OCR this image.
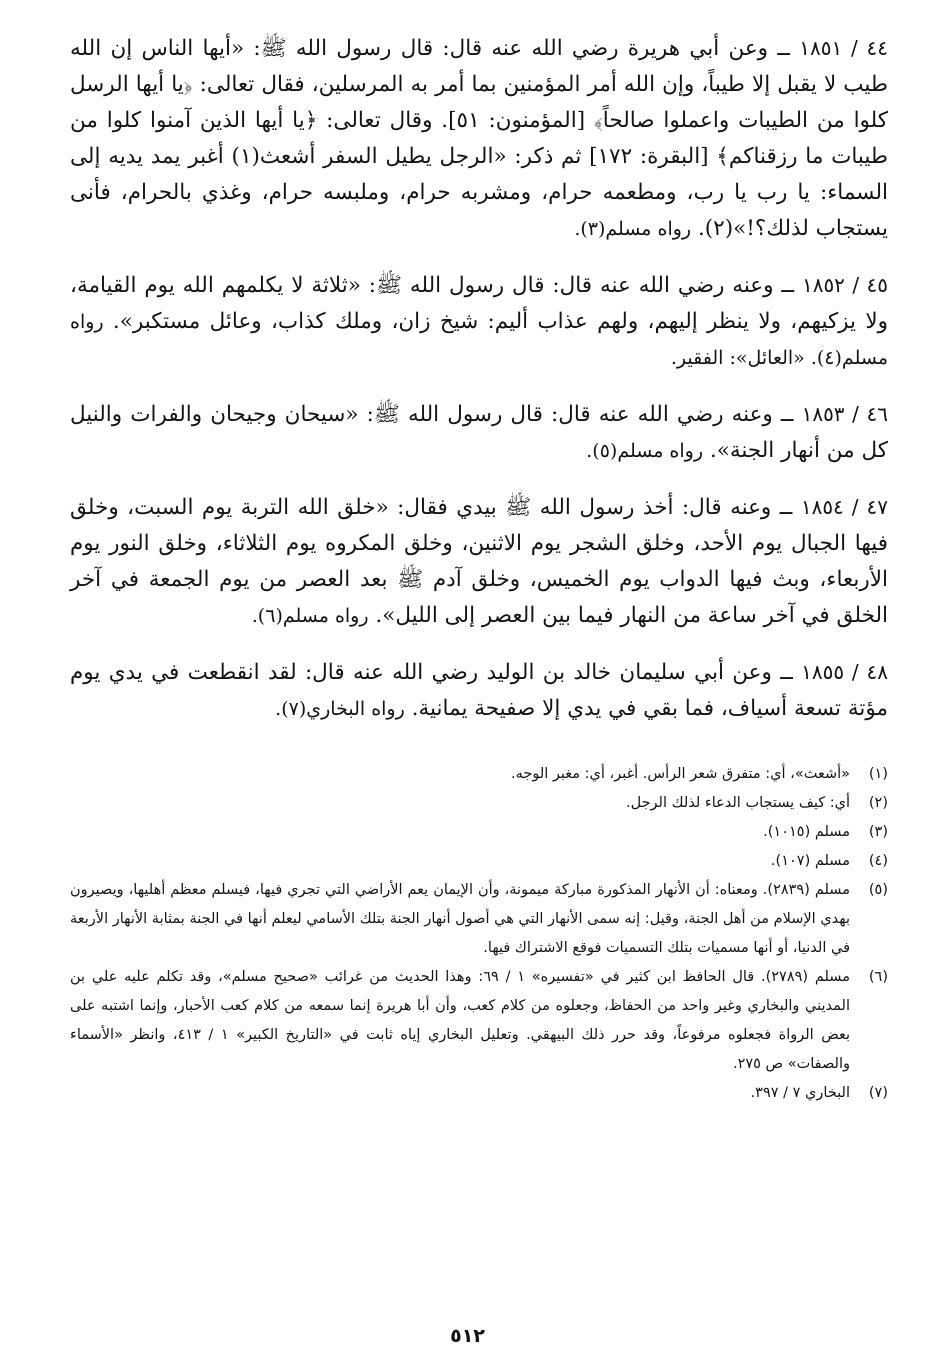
٤٤ / ١٨٥١ ــ وعن أبي هريرة رضي الله عنه قال: قال رسول الله ﷺ: «أيها الناس إن الله طيب لا يقبل إلا طيباً، وإن الله أمر المؤمنين بما أمر به المرسلين، فقال تعالى: ﴿يا أيها الرسل كلوا من الطيبات واعملوا صالحاً﴾ [المؤمنون: ٥١]. وقال تعالى: ﴿يا أيها الذين آمنوا كلوا من طيبات ما رزقناكم﴾ [البقرة: ١٧٢] ثم ذكر: «الرجل يطيل السفر أشعث(١) أغبر يمد يديه إلى السماء: يا رب يا رب، ومطعمه حرام، ومشربه حرام، وملبسه حرام، وغذي بالحرام، فأنى يستجاب لذلك؟!»(٢). رواه مسلم(٣).
٤٥ / ١٨٥٢ ــ وعنه رضي الله عنه قال: قال رسول الله ﷺ: «ثلاثة لا يكلمهم الله يوم القيامة، ولا يزكيهم، ولا ينظر إليهم، ولهم عذاب أليم: شيخ زان، وملك كذاب، وعائل مستكبر». رواه مسلم(٤). «العائل»: الفقير.
٤٦ / ١٨٥٣ ــ وعنه رضي الله عنه قال: قال رسول الله ﷺ: «سيحان وجيحان والفرات والنيل كل من أنهار الجنة». رواه مسلم(٥).
٤٧ / ١٨٥٤ ــ وعنه قال: أخذ رسول الله ﷺ بيدي فقال: «خلق الله التربة يوم السبت، وخلق فيها الجبال يوم الأحد، وخلق الشجر يوم الاثنين، وخلق المكروه يوم الثلاثاء، وخلق النور يوم الأربعاء، وبث فيها الدواب يوم الخميس، وخلق آدم ﷺ بعد العصر من يوم الجمعة في آخر الخلق في آخر ساعة من النهار فيما بين العصر إلى الليل». رواه مسلم(٦).
٤٨ / ١٨٥٥ ــ وعن أبي سليمان خالد بن الوليد رضي الله عنه قال: لقد انقطعت في يدي يوم مؤتة تسعة أسياف، فما بقي في يدي إلا صفيحة يمانية. رواه البخاري(٧).
(١)
«أشعث»، أي: متفرق شعر الرأس. أغبر، أي: مغبر الوجه.
(٢)
أي: كيف يستجاب الدعاء لذلك الرجل.
(٣)
مسلم (١٠١٥).
(٤)
مسلم (١٠٧).
(٥)
مسلم (٢٨٣٩). ومعناه: أن الأنهار المذكورة مباركة ميمونة، وأن الإيمان يعم الأراضي التي تجري فيها، فيسلم معظم أهليها، ويصيرون بهدي الإسلام من أهل الجنة، وقيل: إنه سمى الأنهار التي هي أصول أنهار الجنة بتلك الأسامي ليعلم أنها في الجنة بمثابة الأنهار الأربعة في الدنيا، أو أنها مسميات بتلك التسميات فوقع الاشتراك فيها.
(٦)
مسلم (٢٧٨٩). قال الحافظ ابن كثير في «تفسيره» ١ / ٦٩: وهذا الحديث من غرائب «صحيح مسلم»، وقد تكلم عليه علي بن المديني والبخاري وغير واحد من الحفاظ، وجعلوه من كلام كعب، وأن أبا هريرة إنما سمعه من كلام كعب الأحبار، وإنما اشتبه على بعض الرواة فجعلوه مرفوعاً، وقد حرر ذلك البيهقي. وتعليل البخاري إياه ثابت في «التاريخ الكبير» ١ / ٤١٣، وانظر «الأسماء والصفات» ص ٢٧٥.
(٧)
البخاري ٧ / ٣٩٧.
٥١٢
